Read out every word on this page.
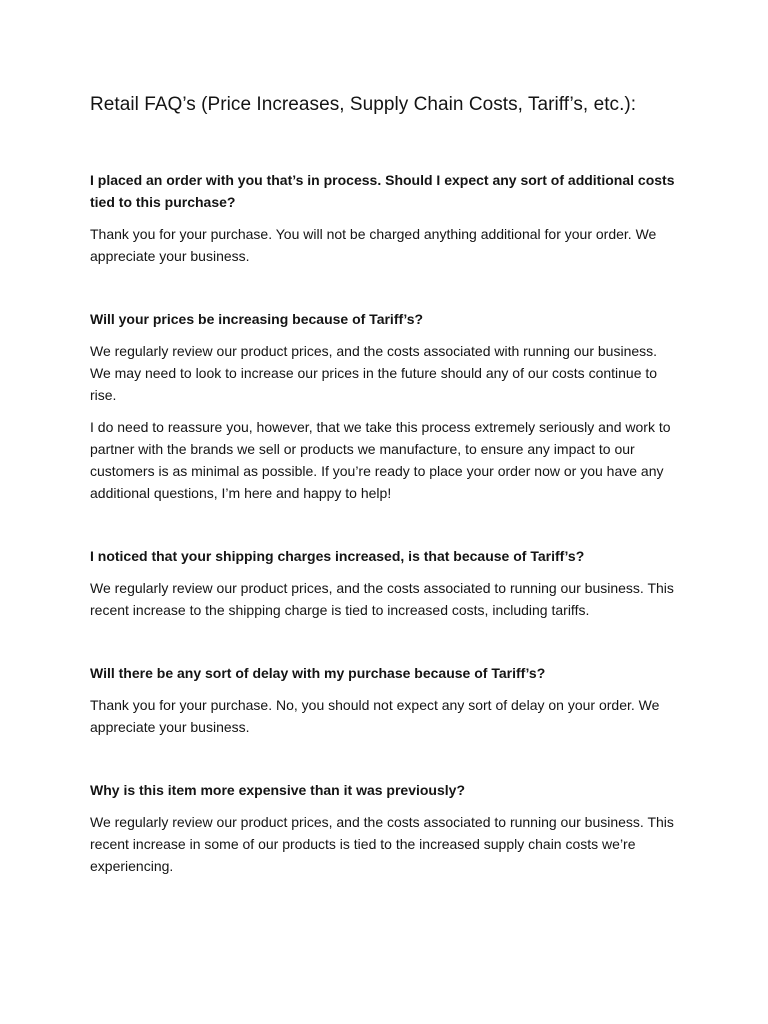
Retail FAQ’s (Price Increases, Supply Chain Costs, Tariff’s, etc.):

I placed an order with you that’s in process. Should I expect any sort of additional costs tied to this purchase?

Thank you for your purchase. You will not be charged anything additional for your order. We appreciate your business.

Will your prices be increasing because of Tariff’s?

We regularly review our product prices, and the costs associated with running our business. We may need to look to increase our prices in the future should any of our costs continue to rise.

I do need to reassure you, however, that we take this process extremely seriously and work to partner with the brands we sell or products we manufacture, to ensure any impact to our customers is as minimal as possible. If you’re ready to place your order now or you have any additional questions, I’m here and happy to help!

I noticed that your shipping charges increased, is that because of Tariff’s?

We regularly review our product prices, and the costs associated to running our business. This recent increase to the shipping charge is tied to increased costs, including tariffs.

Will there be any sort of delay with my purchase because of Tariff’s?

Thank you for your purchase. No, you should not expect any sort of delay on your order. We appreciate your business.

Why is this item more expensive than it was previously?

We regularly review our product prices, and the costs associated to running our business. This recent increase in some of our products is tied to the increased supply chain costs we’re experiencing.
